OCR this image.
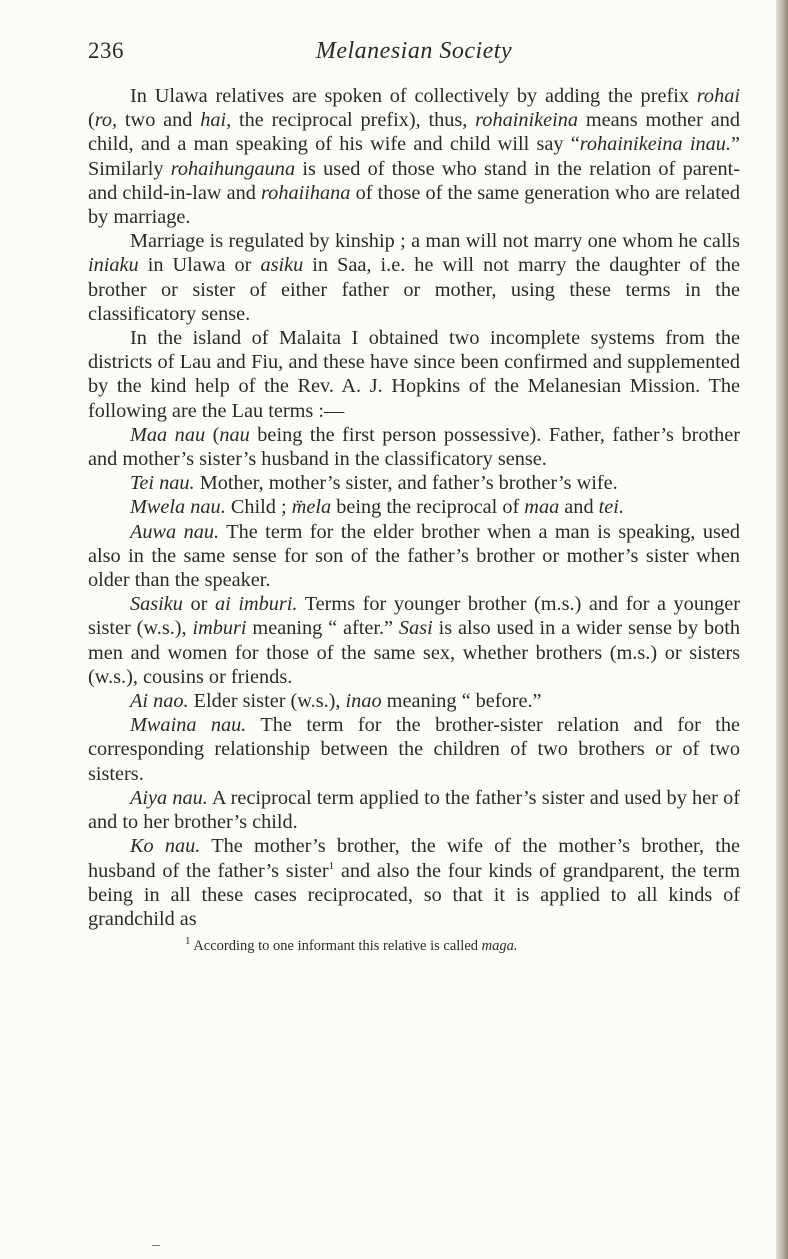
236	Melanesian Society

In Ulawa relatives are spoken of collectively by adding the prefix rohai (ro, two and hai, the reciprocal prefix), thus, rohainikeina means mother and child, and a man speaking of his wife and child will say “rohainikeina inau.” Similarly rohaihungauna is used of those who stand in the relation of parent- and child-in-law and rohaiihana of those of the same generation who are related by marriage.

Marriage is regulated by kinship ; a man will not marry one whom he calls iniaku in Ulawa or asiku in Saa, i.e. he will not marry the daughter of the brother or sister of either father or mother, using these terms in the classificatory sense.

In the island of Malaita I obtained two incomplete systems from the districts of Lau and Fiu, and these have since been confirmed and supplemented by the kind help of the Rev. A. J. Hopkins of the Melanesian Mission. The following are the Lau terms :—

Maa nau (nau being the first person possessive). Father, father’s brother and mother’s sister’s husband in the classificatory sense.

Tei nau. Mother, mother’s sister, and father’s brother’s wife.

Mwela nau. Child ; m̈ela being the reciprocal of maa and tei.

Auwa nau. The term for the elder brother when a man is speaking, used also in the same sense for son of the father’s brother or mother’s sister when older than the speaker.

Sasiku or ai imburi. Terms for younger brother (m.s.) and for a younger sister (w.s.), imburi meaning “ after.” Sasi is also used in a wider sense by both men and women for those of the same sex, whether brothers (m.s.) or sisters (w.s.), cousins or friends.

Ai nao. Elder sister (w.s.), inao meaning “ before.”

Mwaina nau. The term for the brother-sister relation and for the corresponding relationship between the children of two brothers or of two sisters.

Aiya nau. A reciprocal term applied to the father’s sister and used by her of and to her brother’s child.

Ko nau. The mother’s brother, the wife of the mother’s brother, the husband of the father’s sister$^1$ and also the four kinds of grandparent, the term being in all these cases reciprocated, so that it is applied to all kinds of grandchild as

$^1$ According to one informant this relative is called maga.
